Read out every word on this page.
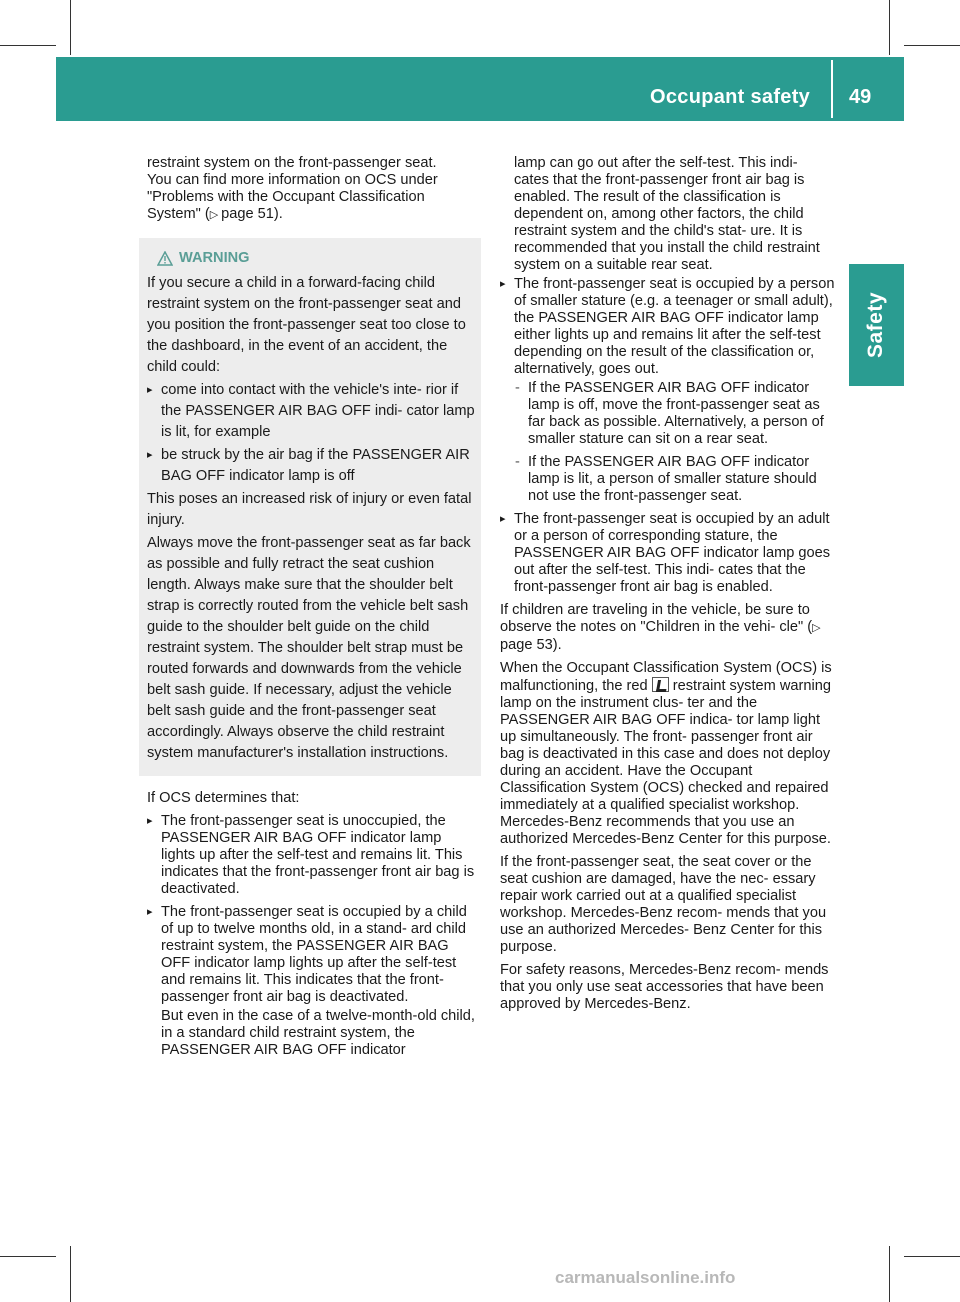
Occupant safety 49
Safety

restraint system on the front-passenger seat.
You can find more information on OCS under
"Problems with the Occupant Classification
System" (▷  page 51).

WARNING

If you secure a child in a forward-facing child restraint system on the front-passenger seat and you position the front-passenger seat too close to the dashboard, in the event of an accident, the child could:

▸ come into contact with the vehicle's inte- rior if the PASSENGER AIR BAG OFF indi- cator lamp is lit, for example
▸ be struck by the air bag if the PASSENGER AIR BAG OFF indicator lamp is off

This poses an increased risk of injury or even fatal injury.

Always move the front-passenger seat as far back as possible and fully retract the seat cushion length. Always make sure that the shoulder belt strap is correctly routed from the vehicle belt sash guide to the shoulder belt guide on the child restraint system. The shoulder belt strap must be routed forwards and downwards from the vehicle belt sash guide. If necessary, adjust the vehicle belt sash guide and the front-passenger seat accordingly. Always observe the child restraint system manufacturer's installation instructions.

If OCS determines that:

▸ The front-passenger seat is unoccupied, the PASSENGER AIR BAG OFF indicator lamp lights up after the self-test and remains lit. This indicates that the front-passenger front air bag is deactivated.
▸ The front-passenger seat is occupied by a child of up to twelve months old, in a stand- ard child restraint system, the PASSENGER AIR BAG OFF indicator lamp lights up after the self-test and remains lit. This indicates that the front-passenger front air bag is deactivated.

But even in the case of a twelve-month-old child, in a standard child restraint system, the PASSENGER AIR BAG OFF indicator

lamp can go out after the self-test. This indi- cates that the front-passenger front air bag is enabled. The result of the classification is dependent on, among other factors, the child restraint system and the child's stat- ure. It is recommended that you install the child restraint system on a suitable rear seat.

▸ The front-passenger seat is occupied by a person of smaller stature (e.g. a teenager or small adult), the PASSENGER AIR BAG OFF indicator lamp either lights up and remains lit after the self-test depending on the result of the classification or, alternatively, goes out.
- If the PASSENGER AIR BAG OFF indicator lamp is off, move the front-passenger seat as far back as possible. Alternatively, a person of smaller stature can sit on a rear seat.
- If the PASSENGER AIR BAG OFF indicator lamp is lit, a person of smaller stature should not use the front-passenger seat.
▸ The front-passenger seat is occupied by an adult or a person of corresponding stature, the PASSENGER AIR BAG OFF indicator lamp goes out after the self-test. This indi- cates that the front-passenger front air bag is enabled.

If children are traveling in the vehicle, be sure to observe the notes on "Children in the vehi- cle" (▷ page 53).

When the Occupant Classification System (OCS) is malfunctioning, the red restraint system warning lamp on the instrument clus- ter and the PASSENGER AIR BAG OFF indica- tor lamp light up simultaneously. The front- passenger front air bag is deactivated in this case and does not deploy during an accident. Have the Occupant Classification System (OCS) checked and repaired immediately at a qualified specialist workshop. Mercedes-Benz recommends that you use an authorized Mercedes-Benz Center for this purpose.

If the front-passenger seat, the seat cover or the seat cushion are damaged, have the nec- essary repair work carried out at a qualified specialist workshop. Mercedes-Benz recom- mends that you use an authorized Mercedes- Benz Center for this purpose.

For safety reasons, Mercedes-Benz recom- mends that you only use seat accessories that have been approved by Mercedes-Benz.

carmanualsonline.info
